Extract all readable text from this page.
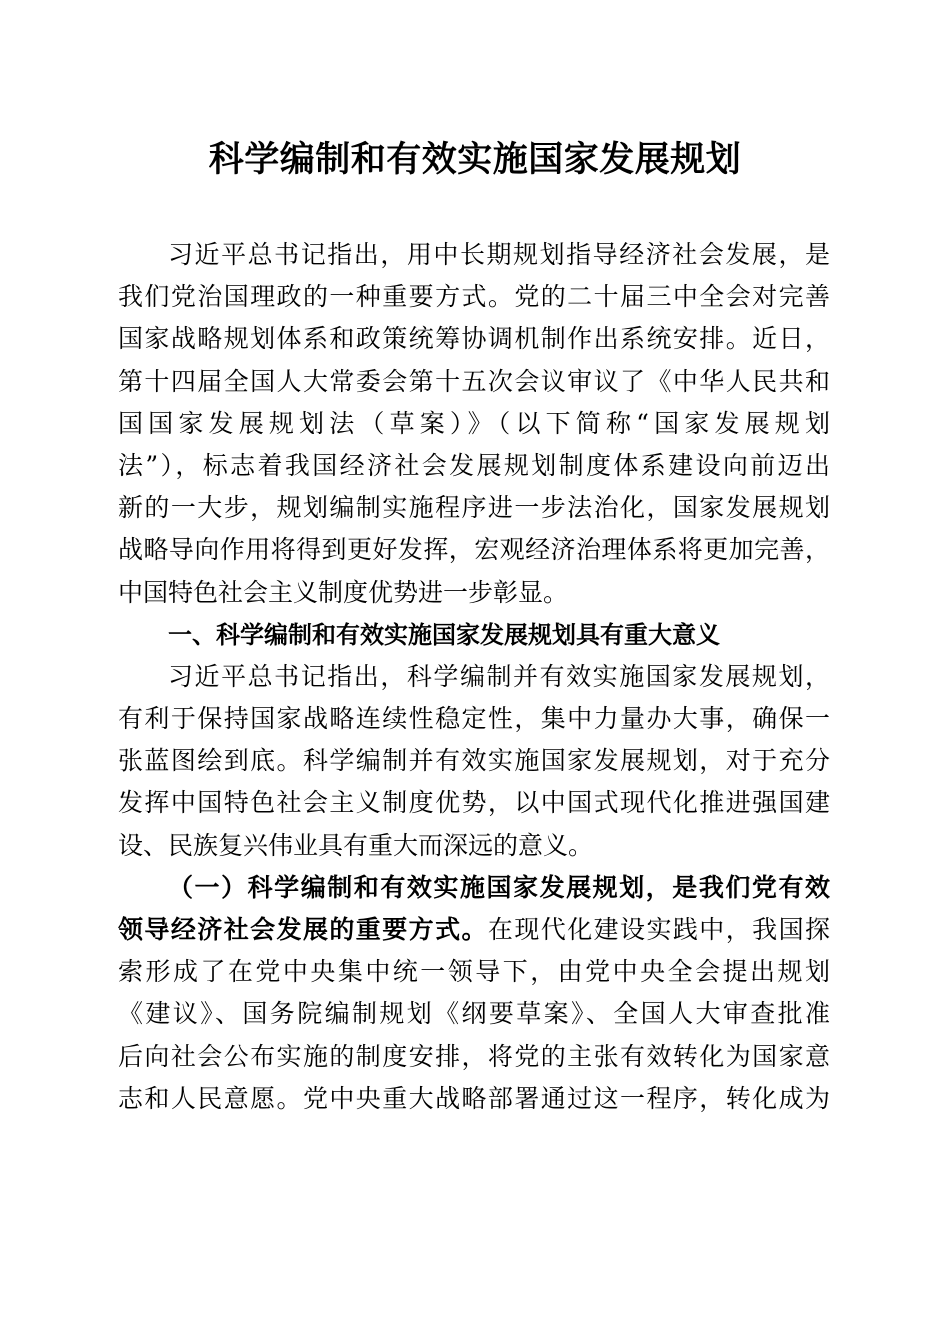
科学编制和有效实施国家发展规划
习近平总书记指出，用中长期规划指导经济社会发展，是
我们党治国理政的一种重要方式。党的二十届三中全会对完善
国家战略规划体系和政策统筹协调机制作出系统安排。近日，
第十四届全国人大常委会第十五次会议审议了《中华人民共和
国国家发展规划法（草案）》（以下简称“国家发展规划
法”），标志着我国经济社会发展规划制度体系建设向前迈出
新的一大步，规划编制实施程序进一步法治化，国家发展规划
战略导向作用将得到更好发挥，宏观经济治理体系将更加完善，
中国特色社会主义制度优势进一步彰显。
一、科学编制和有效实施国家发展规划具有重大意义
习近平总书记指出，科学编制并有效实施国家发展规划，
有利于保持国家战略连续性稳定性，集中力量办大事，确保一
张蓝图绘到底。科学编制并有效实施国家发展规划，对于充分
发挥中国特色社会主义制度优势，以中国式现代化推进强国建
设、民族复兴伟业具有重大而深远的意义。
（一）科学编制和有效实施国家发展规划，是我们党有效
领导经济社会发展的重要方式。在现代化建设实践中，我国探
索形成了在党中央集中统一领导下，由党中央全会提出规划
《建议》、国务院编制规划《纲要草案》、全国人大审查批准
后向社会公布实施的制度安排，将党的主张有效转化为国家意
志和人民意愿。党中央重大战略部署通过这一程序，转化成为
